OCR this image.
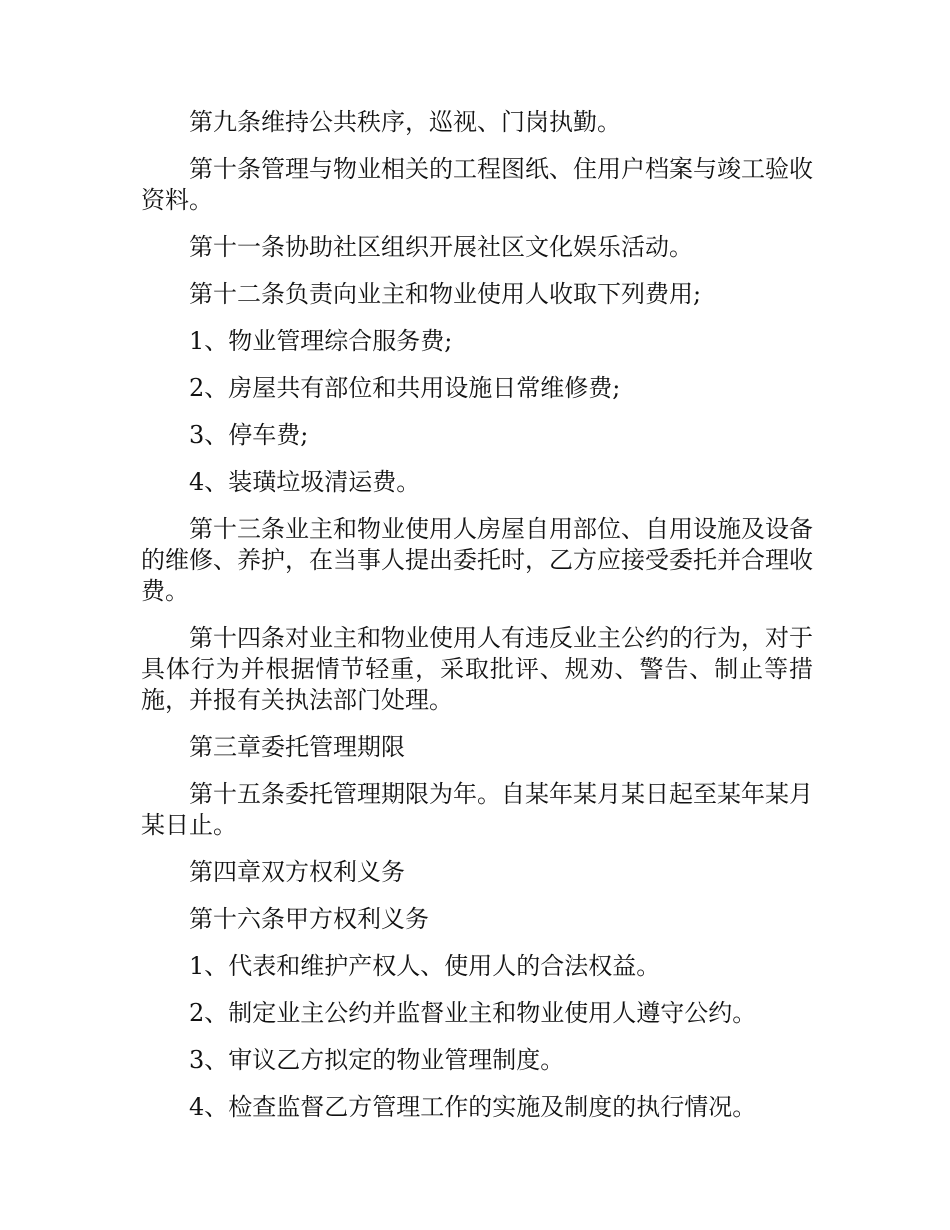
第九条维持公共秩序，巡视、门岗执勤。

第十条管理与物业相关的工程图纸、住用户档案与竣工验收资料。

第十一条协助社区组织开展社区文化娱乐活动。

第十二条负责向业主和物业使用人收取下列费用;

1、物业管理综合服务费;

2、房屋共有部位和共用设施日常维修费;

3、停车费;

4、装璜垃圾清运费。

第十三条业主和物业使用人房屋自用部位、自用设施及设备的维修、养护，在当事人提出委托时，乙方应接受委托并合理收费。

第十四条对业主和物业使用人有违反业主公约的行为，对于具体行为并根据情节轻重，采取批评、规劝、警告、制止等措施，并报有关执法部门处理。

第三章委托管理期限

第十五条委托管理期限为年。自某年某月某日起至某年某月某日止。

第四章双方权利义务

第十六条甲方权利义务

1、代表和维护产权人、使用人的合法权益。

2、制定业主公约并监督业主和物业使用人遵守公约。

3、审议乙方拟定的物业管理制度。

4、检查监督乙方管理工作的实施及制度的执行情况。
